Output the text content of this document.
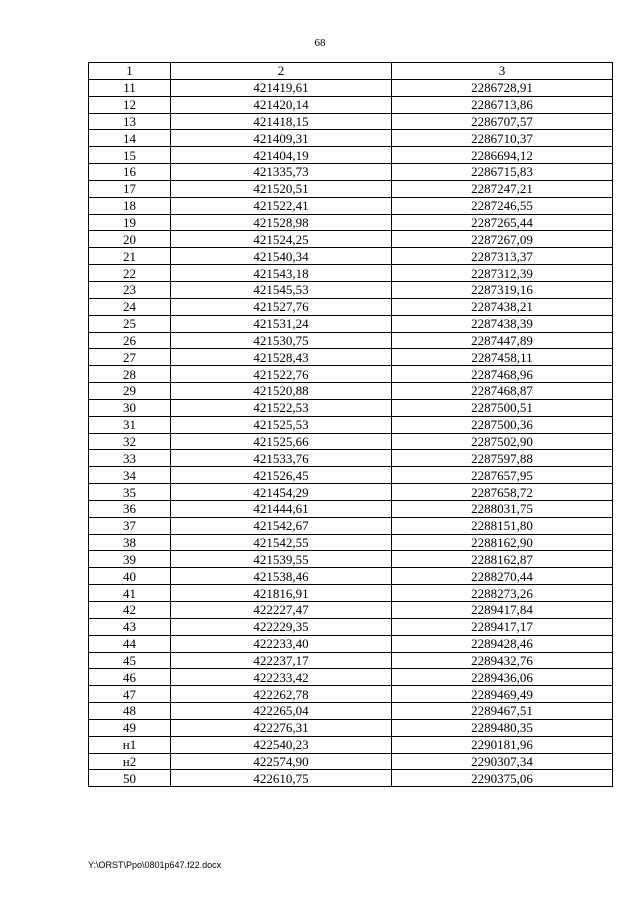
68
1	2	3
11	421419,61	2286728,91
12	421420,14	2286713,86
13	421418,15	2286707,57
14	421409,31	2286710,37
15	421404,19	2286694,12
16	421335,73	2286715,83
17	421520,51	2287247,21
18	421522,41	2287246,55
19	421528,98	2287265,44
20	421524,25	2287267,09
21	421540,34	2287313,37
22	421543,18	2287312,39
23	421545,53	2287319,16
24	421527,76	2287438,21
25	421531,24	2287438,39
26	421530,75	2287447,89
27	421528,43	2287458,11
28	421522,76	2287468,96
29	421520,88	2287468,87
30	421522,53	2287500,51
31	421525,53	2287500,36
32	421525,66	2287502,90
33	421533,76	2287597,88
34	421526,45	2287657,95
35	421454,29	2287658,72
36	421444,61	2288031,75
37	421542,67	2288151,80
38	421542,55	2288162,90
39	421539,55	2288162,87
40	421538,46	2288270,44
41	421816,91	2288273,26
42	422227,47	2289417,84
43	422229,35	2289417,17
44	422233,40	2289428,46
45	422237,17	2289432,76
46	422233,42	2289436,06
47	422262,78	2289469,49
48	422265,04	2289467,51
49	422276,31	2289480,35
н1	422540,23	2290181,96
н2	422574,90	2290307,34
50	422610,75	2290375,06
Y:\ORST\Ppo\0801p647.f22.docx
